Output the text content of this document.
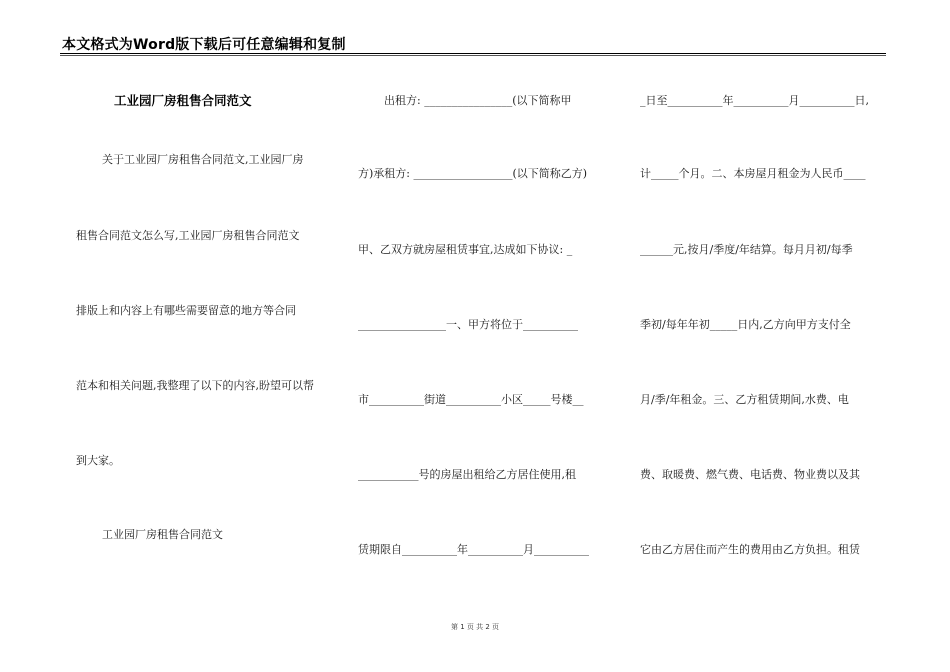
本文格式为Word版下载后可任意编辑和复制
工业园厂房租售合同范文
关于工业园厂房租售合同范文,工业园厂房
租售合同范文怎么写,工业园厂房租售合同范文
排版上和内容上有哪些需要留意的地方等合同
范本和相关问题,我整理了以下的内容,盼望可以帮
到大家。
工业园厂房租售合同范文
出租方: ________________(以下简称甲
方)承租方: __________________(以下简称乙方)
甲、乙双方就房屋租赁事宜,达成如下协议: _
________________一、甲方将位于__________
市__________街道__________小区_____号楼__
___________号的房屋出租给乙方居住使用,租
赁期限自__________年__________月__________
_日至__________年__________月__________日,
计_____个月。二、本房屋月租金为人民币____
______元,按月/季度/年结算。每月月初/每季
季初/每年年初_____日内,乙方向甲方支付全
月/季/年租金。三、乙方租赁期间,水费、电
费、取暖费、燃气费、电话费、物业费以及其
它由乙方居住而产生的费用由乙方负担。租赁
第 1 页 共 2 页
